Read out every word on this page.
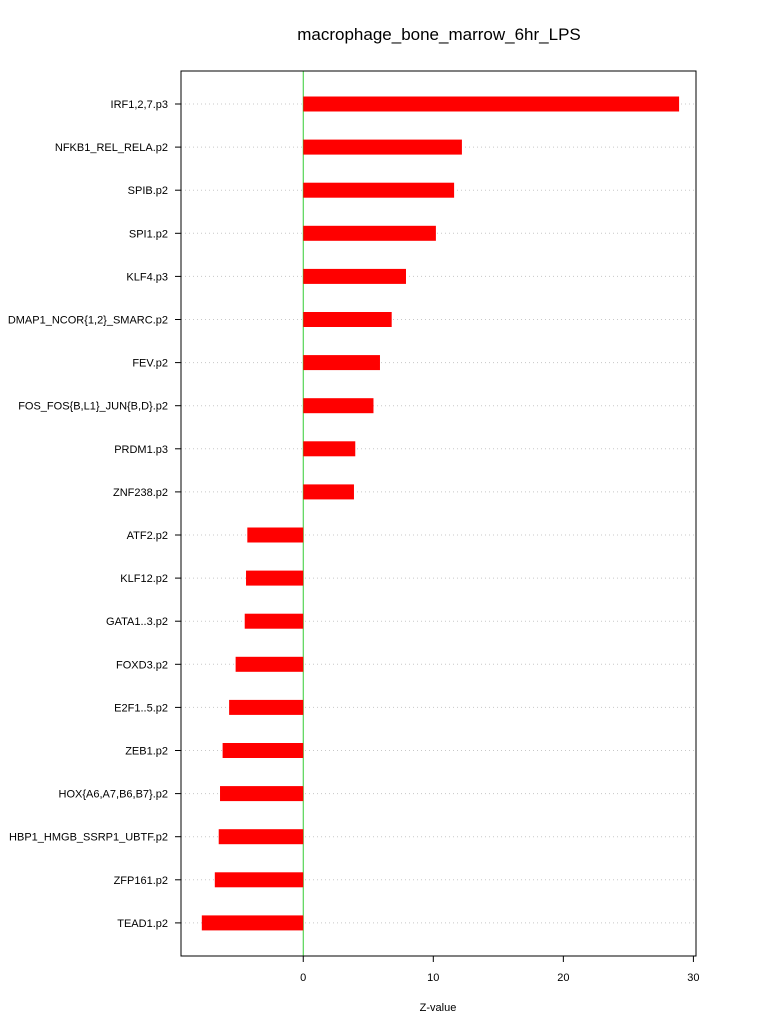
macrophage_bone_marrow_6hr_LPS
IRF1,2,7.p3
NFKB1_REL_RELA.p2
SPIB.p2
SPI1.p2
KLF4.p3
DMAP1_NCOR{1,2}_SMARC.p2
FEV.p2
FOS_FOS{B,L1}_JUN{B,D}.p2
PRDM1.p3
ZNF238.p2
ATF2.p2
KLF12.p2
GATA1..3.p2
FOXD3.p2
E2F1..5.p2
ZEB1.p2
HOX{A6,A7,B6,B7}.p2
HBP1_HMGB_SSRP1_UBTF.p2
ZFP161.p2
TEAD1.p2
0	10	20	30
Z-value
